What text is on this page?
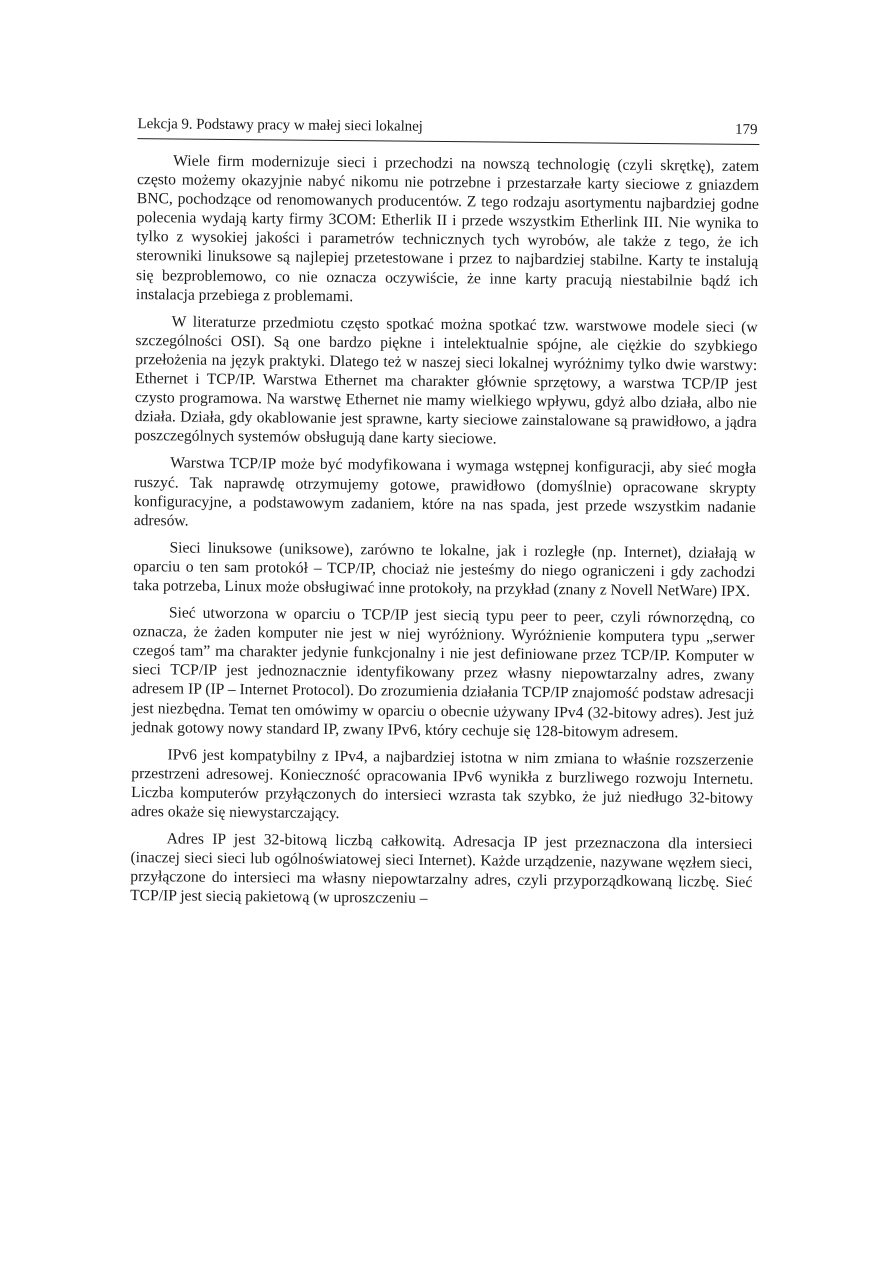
Lekcja 9. Podstawy pracy w małej sieci lokalnej	179

Wiele firm modernizuje sieci i przechodzi na nowszą technologię (czyli skrętkę), zatem często możemy okazyjnie nabyć nikomu nie potrzebne i przestarzałe karty sieciowe z gniazdem BNC, pochodzące od renomowanych producentów. Z tego rodzaju asortymentu najbardziej godne polecenia wydają karty firmy 3COM: Etherlik II i przede wszystkim Etherlink III. Nie wynika to tylko z wysokiej jakości i parametrów technicznych tych wyrobów, ale także z tego, że ich sterowniki linuksowe są najlepiej przetestowane i przez to najbardziej stabilne. Karty te instalują się bezproblemowo, co nie oznacza oczywiście, że inne karty pracują niestabilnie bądź ich instalacja przebiega z problemami.

W literaturze przedmiotu często spotkać można spotkać tzw. warstwowe modele sieci (w szczególności OSI). Są one bardzo piękne i intelektualnie spójne, ale ciężkie do szybkiego przełożenia na język praktyki. Dlatego też w naszej sieci lokalnej wyróżnimy tylko dwie warstwy: Ethernet i TCP/IP. Warstwa Ethernet ma charakter głównie sprzętowy, a warstwa TCP/IP jest czysto programowa. Na warstwę Ethernet nie mamy wielkiego wpływu, gdyż albo działa, albo nie działa. Działa, gdy okablowanie jest sprawne, karty sieciowe zainstalowane są prawidłowo, a jądra poszczególnych systemów obsługują dane karty sieciowe.

Warstwa TCP/IP może być modyfikowana i wymaga wstępnej konfiguracji, aby sieć mogła ruszyć. Tak naprawdę otrzymujemy gotowe, prawidłowo (domyślnie) opracowane skrypty konfiguracyjne, a podstawowym zadaniem, które na nas spada, jest przede wszystkim nadanie adresów.

Sieci linuksowe (uniksowe), zarówno te lokalne, jak i rozległe (np. Internet), działają w oparciu o ten sam protokół – TCP/IP, chociaż nie jesteśmy do niego ograniczeni i gdy zachodzi taka potrzeba, Linux może obsługiwać inne protokoły, na przykład (znany z Novell NetWare) IPX.

Sieć utworzona w oparciu o TCP/IP jest siecią typu peer to peer, czyli równorzędną, co oznacza, że żaden komputer nie jest w niej wyróżniony. Wyróżnienie komputera typu „serwer czegoś tam” ma charakter jedynie funkcjonalny i nie jest definiowane przez TCP/IP. Komputer w sieci TCP/IP jest jednoznacznie identyfikowany przez własny niepowtarzalny adres, zwany adresem IP (IP – Internet Protocol). Do zrozumienia działania TCP/IP znajomość podstaw adresacji jest niezbędna. Temat ten omówimy w oparciu o obecnie używany IPv4 (32-bitowy adres). Jest już jednak gotowy nowy standard IP, zwany IPv6, który cechuje się 128-bitowym adresem.

IPv6 jest kompatybilny z IPv4, a najbardziej istotna w nim zmiana to właśnie rozszerzenie przestrzeni adresowej. Konieczność opracowania IPv6 wynikła z burzliwego rozwoju Internetu. Liczba komputerów przyłączonych do intersieci wzrasta tak szybko, że już niedługo 32-bitowy adres okaże się niewystarczający.

Adres IP jest 32-bitową liczbą całkowitą. Adresacja IP jest przeznaczona dla intersieci (inaczej sieci sieci lub ogólnoświatowej sieci Internet). Każde urządzenie, nazywane węzłem sieci, przyłączone do intersieci ma własny niepowtarzalny adres, czyli przyporządkowaną liczbę. Sieć TCP/IP jest siecią pakietową (w uproszczeniu –
